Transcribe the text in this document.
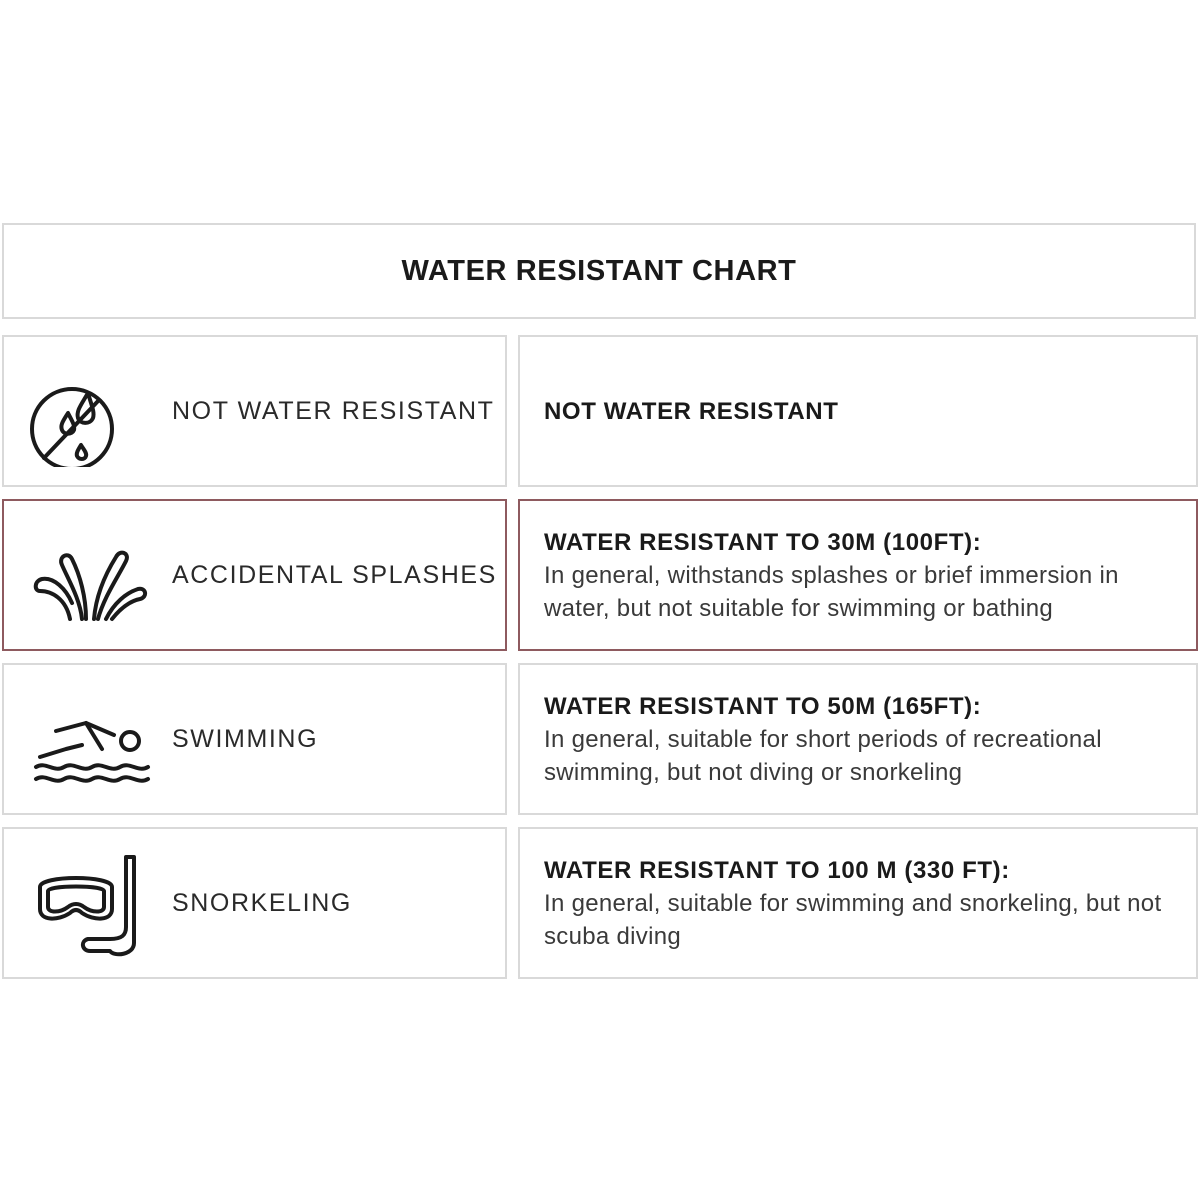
WATER RESISTANT CHART
NOT WATER RESISTANT NOT WATER RESISTANT
ACCIDENTAL SPLASHES
WATER RESISTANT TO 30M (100FT):
In general, withstands splashes or brief immersion in water, but not suitable for swimming or bathing
SWIMMING
WATER RESISTANT TO 50M (165FT):
In general, suitable for short periods of recreational swimming, but not diving or snorkeling
SNORKELING
WATER RESISTANT TO 100 M (330 FT):
In general, suitable for swimming and snorkeling, but not scuba diving
